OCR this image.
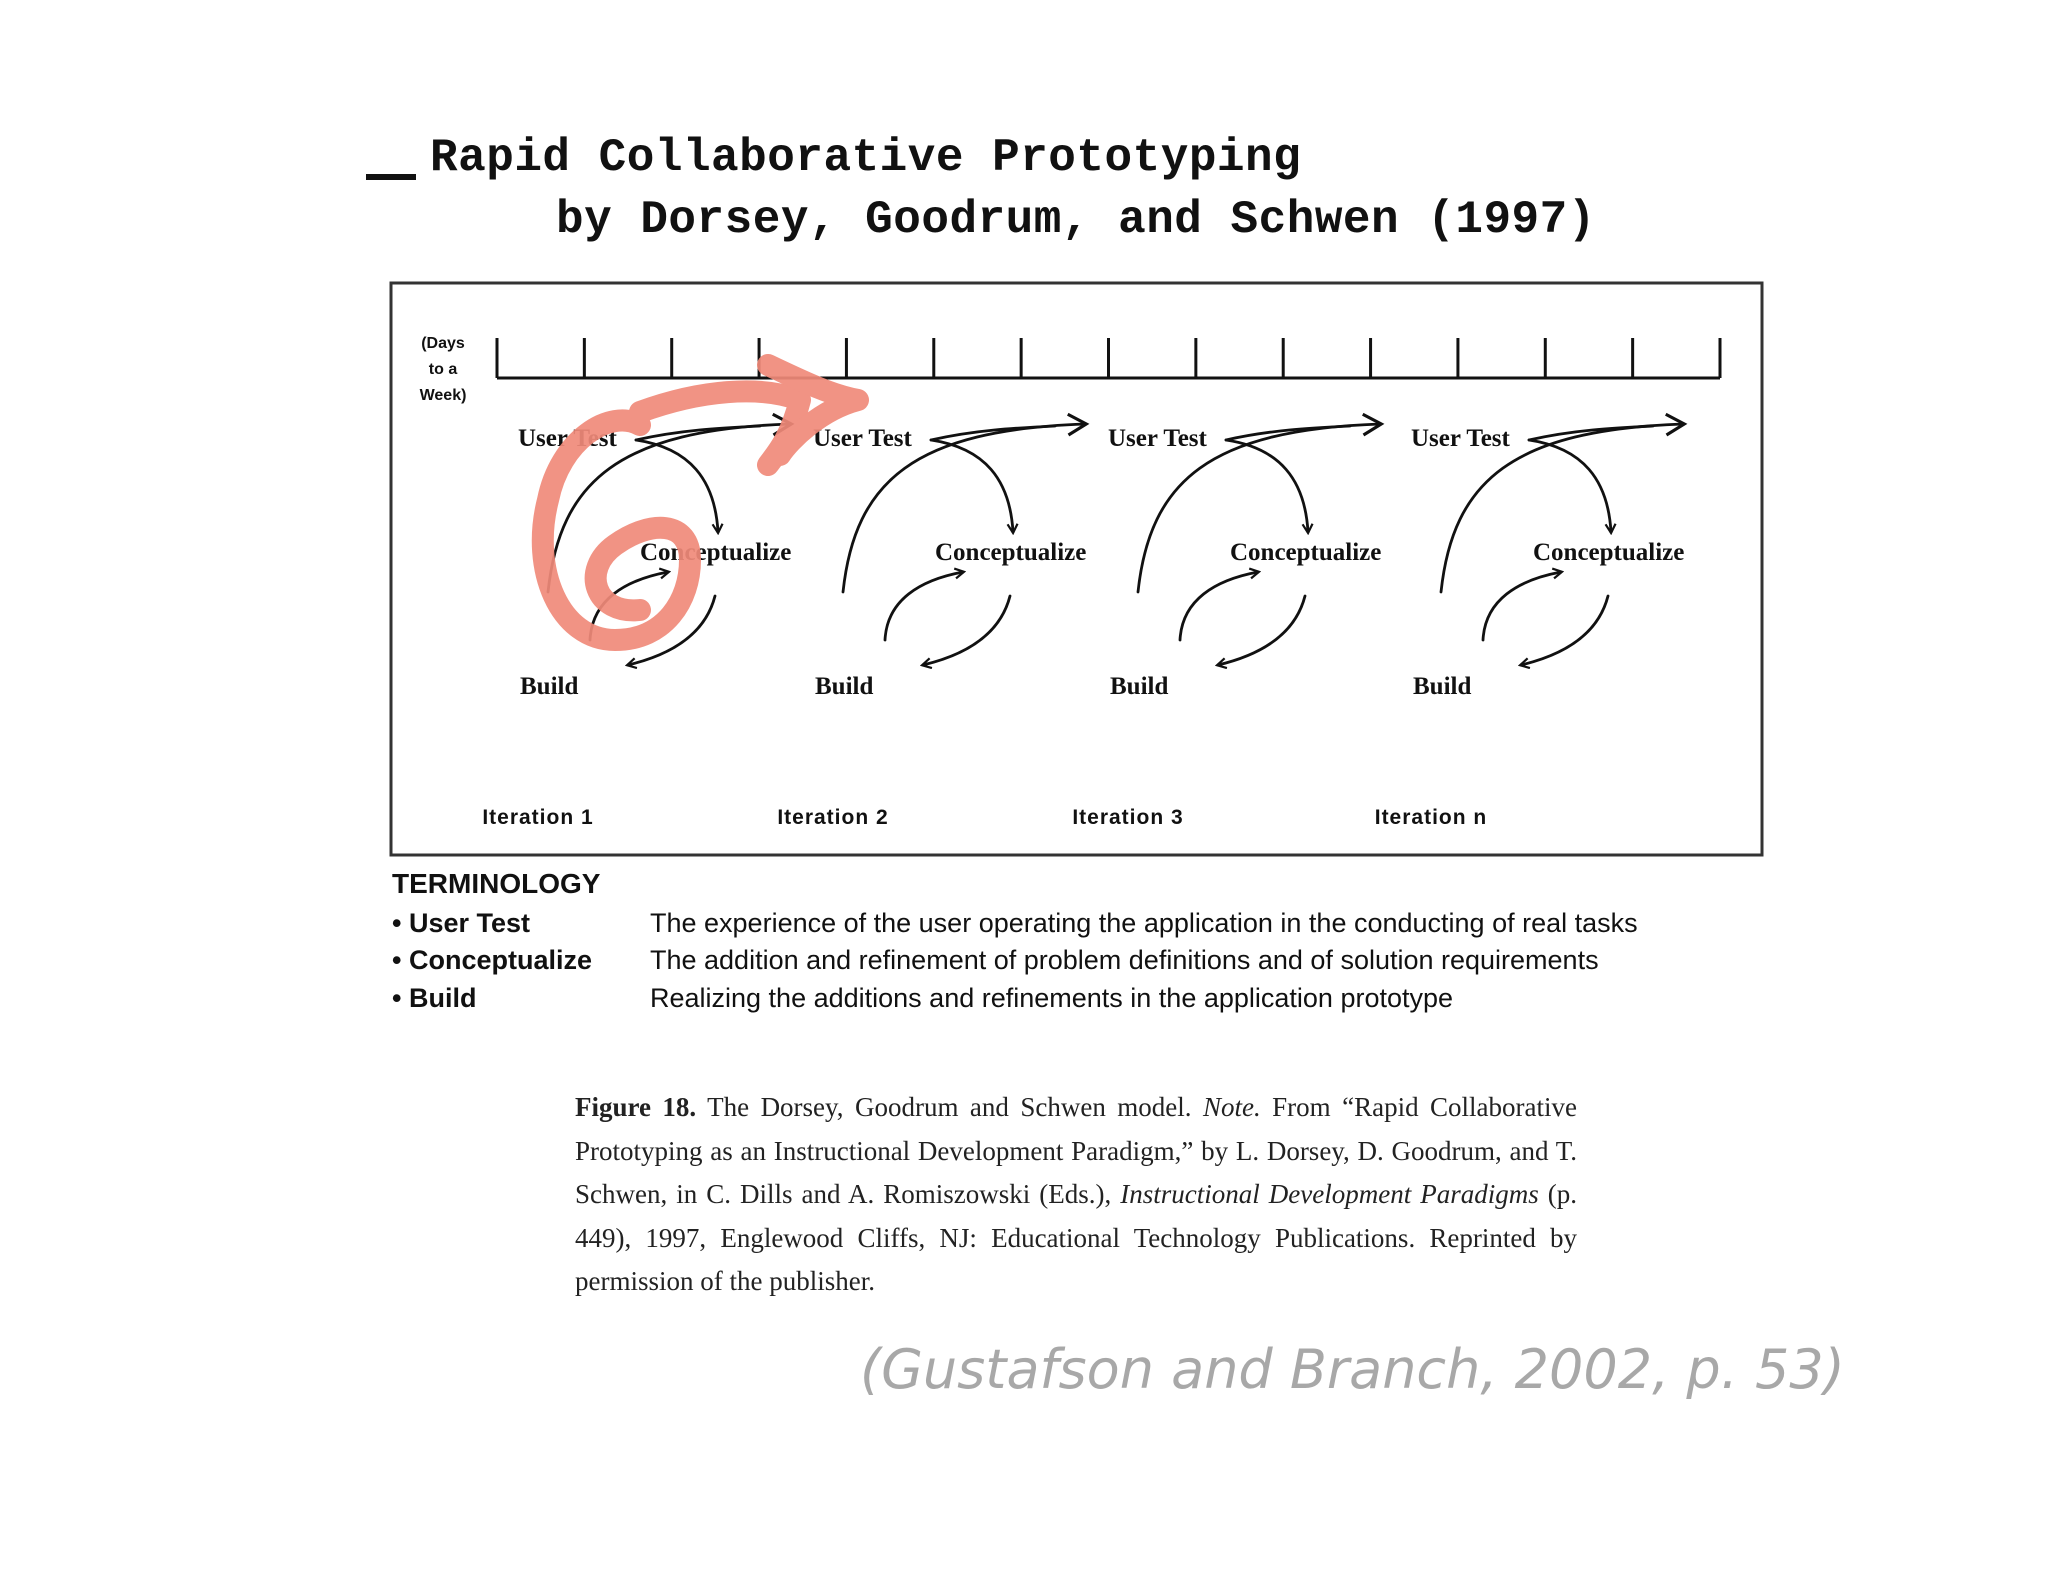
Rapid Collaborative Prototyping
by Dorsey, Goodrum, and Schwen (1997)
(Days
to a
Week)
User Test
Conceptualize
Build
Iteration 1
User Test
Conceptualize
Build
Iteration 2
User Test
Conceptualize
Build
Iteration 3
User Test
Conceptualize
Build
Iteration n
TERMINOLOGY
• User Test	The experience of the user operating the application in the conducting of real tasks
• Conceptualize The addition and refinement of problem definitions and of solution requirements
• Build	Realizing the additions and refinements in the application prototype
Figure 18. The Dorsey, Goodrum and Schwen model. Note. From “Rapid Collaborative Prototyping as an Instructional Development Paradigm,” by L. Dorsey, D. Goodrum, and T. Schwen, in C. Dills and A. Romiszowski (Eds.), Instructional Development Paradigms (p. 449), 1997, Englewood Cliffs, NJ: Educational Technology Publications. Reprinted by permission of the publisher.
(Gustafson and Branch, 2002, p. 53)
